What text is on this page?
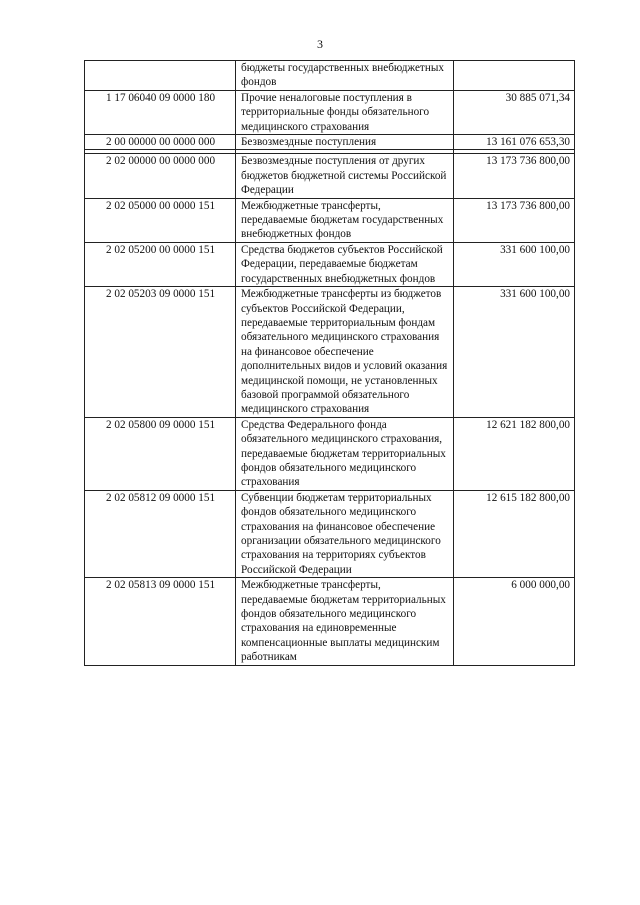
3
	бюджеты государственных внебюджетных фондов	
1 17 06040 09 0000 180	Прочие неналоговые поступления в территориальные фонды обязательного медицинского страхования	30 885 071,34
2 00 00000 00 0000 000	Безвозмездные поступления	13 161 076 653,30

2 02 00000 00 0000 000	Безвозмездные поступления от других бюджетов бюджетной системы Российской Федерации	13 173 736 800,00
2 02 05000 00 0000 151	Межбюджетные трансферты, передаваемые бюджетам государственных внебюджетных фондов	13 173 736 800,00
2 02 05200 00 0000 151	Средства бюджетов субъектов Российской Федерации, передаваемые бюджетам государственных внебюджетных фондов	331 600 100,00
2 02 05203 09 0000 151	Межбюджетные трансферты из бюджетов субъектов Российской Федерации, передаваемые территориальным фондам обязательного медицинского страхования на финансовое обеспечение дополнительных видов и условий оказания медицинской помощи, не установленных базовой программой обязательного медицинского страхования	331 600 100,00
2 02 05800 09 0000 151	Средства Федерального фонда обязательного медицинского страхования, передаваемые бюджетам территориальных фондов обязательного медицинского страхования	12 621 182 800,00
2 02 05812 09 0000 151	Субвенции бюджетам территориальных фондов обязательного медицинского страхования на финансовое обеспечение организации обязательного медицинского страхования на территориях субъектов Российской Федерации	12 615 182 800,00
2 02 05813 09 0000 151	Межбюджетные трансферты, передаваемые бюджетам территориальных фондов обязательного медицинского страхования на единовременные компенсационные выплаты медицинским работникам	6 000 000,00
